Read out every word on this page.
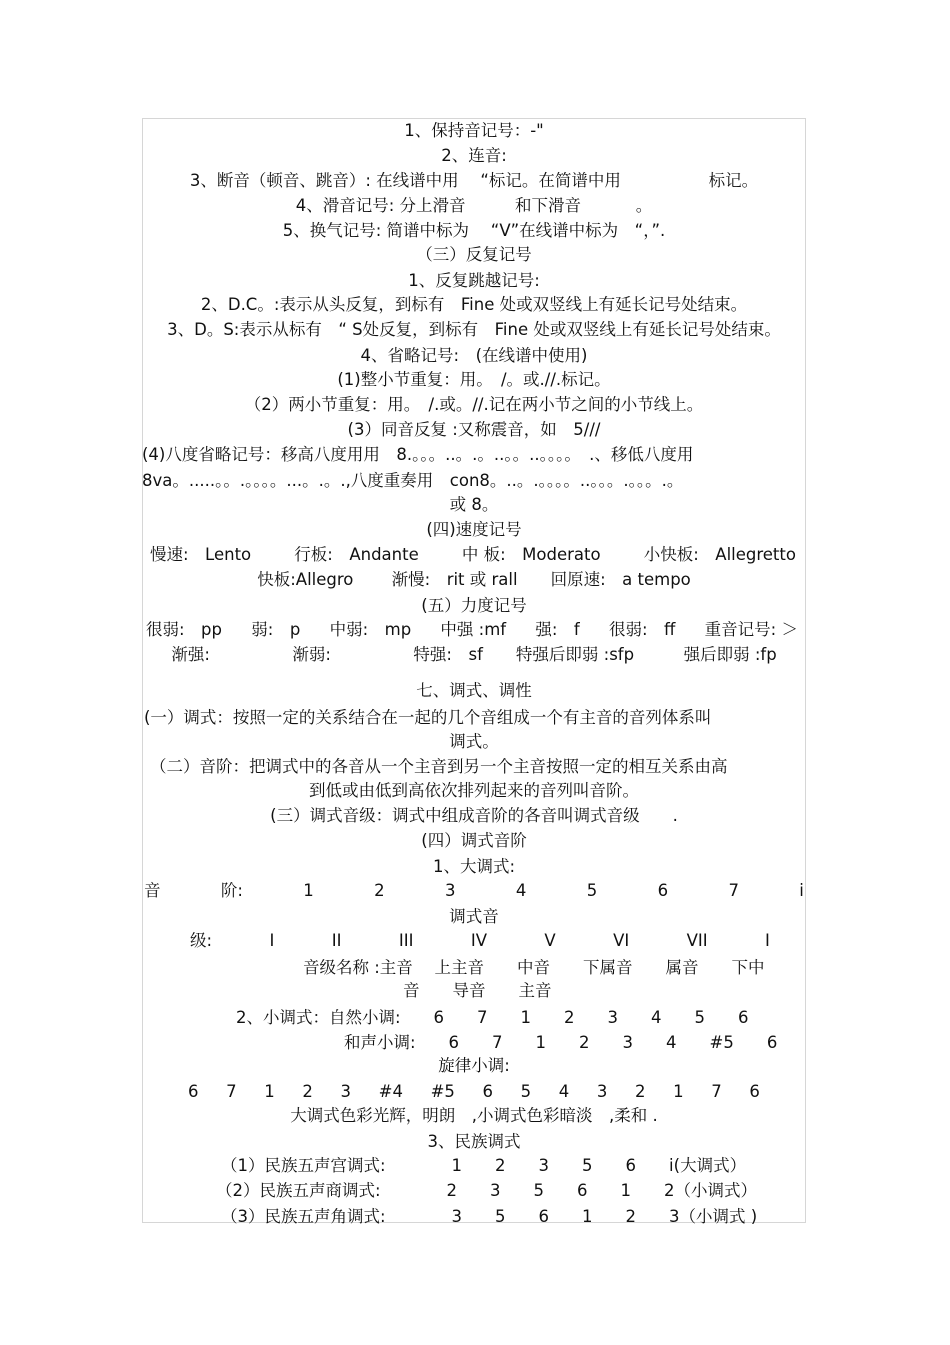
1、保持音记号：-"
2、连音:
3、断音（顿音、跳音）: 在线谱中用　 “标记。在简谱中用　　　　　 标记。
4、滑音记号: 分上滑音　　　和下滑音　　　 。
5、换气记号: 简谱中标为　 “V”在线谱中标为　“，”.
（三）反复记号
1、反复跳越记号:
2、D.C。:表示从头反复，到标有　Fine 处或双竖线上有延长记号处结束。
3、D。S:表示从标有　“ S处反复，到标有　Fine 处或双竖线上有延长记号处结束。
4、省略记号:　(在线谱中使用)
(1)整小节重复：用。　/。或.//.标记。
（2）两小节重复：用。　/.或。//.记在两小节之间的小节线上。
(3）同音反复 :又称震音，如　5///
(4)八度省略记号：移高八度用用　8.。。。..。.。..。。..。。。。　.、移低八度用
8va。.....。。.。。。。...。.。.,八度重奏用　con8。..。.。。。。..。。。.。。。.。
或 8。
(四)速度记号
慢速:　Lento	行板:　Andante	中 板:　Moderato	小快板:　Allegretto
快板:Allegro　　 渐慢:　rit 或 rall　　回原速:　a tempo
(五）力度记号
很弱:　pp 弱:　p 中弱:　mp 中强 :mf 强:　f 很弱:　ff 重音记号: ＞
渐强:　　　　　渐弱:　　　　　特强:　sf　　特强后即弱 :sfp　　　强后即弱 :fp
七、调式、调性
(一）调式：按照一定的关系结合在一起的几个音组成一个有主音的音列体系叫
调式。
（二）音阶：把调式中的各音从一个主音到另一个主音按照一定的相互关系由高
到低或由低到高依次排列起来的音列叫音阶。
(三）调式音级：调式中组成音阶的各音叫调式音级　　.
(四）调式音阶
1、大调式:
音	阶:	1	2	3	4	5	6	7	i
调式音
级:	I	II	III	IV	V	VI	VII	I
音级名称 :主音　 上主音　　中音　　下属音　　属音　　下中
音　　导音　　主音
2、小调式：自然小调:　　6　　7　　1　　2　　3　　4　　5　　6
和声小调:　　6　　7　　1　　2　　3　　4　　#5　　6
旋律小调:
6 7 1 2 3 #4 #5 6 5 4 3 2 1 7 6
大调式色彩光辉，明朗　,小调式色彩暗淡　,柔和 .
3、民族调式
（1）民族五声宫调式:　　　　1　　2　　3　　5　　6　　i(大调式）
（2）民族五声商调式:　　　　2　　3　　5　　6　　1　　2（小调式）
（3）民族五声角调式:　　　　3　　5　　6　　1　　2　　3（小调式 )
